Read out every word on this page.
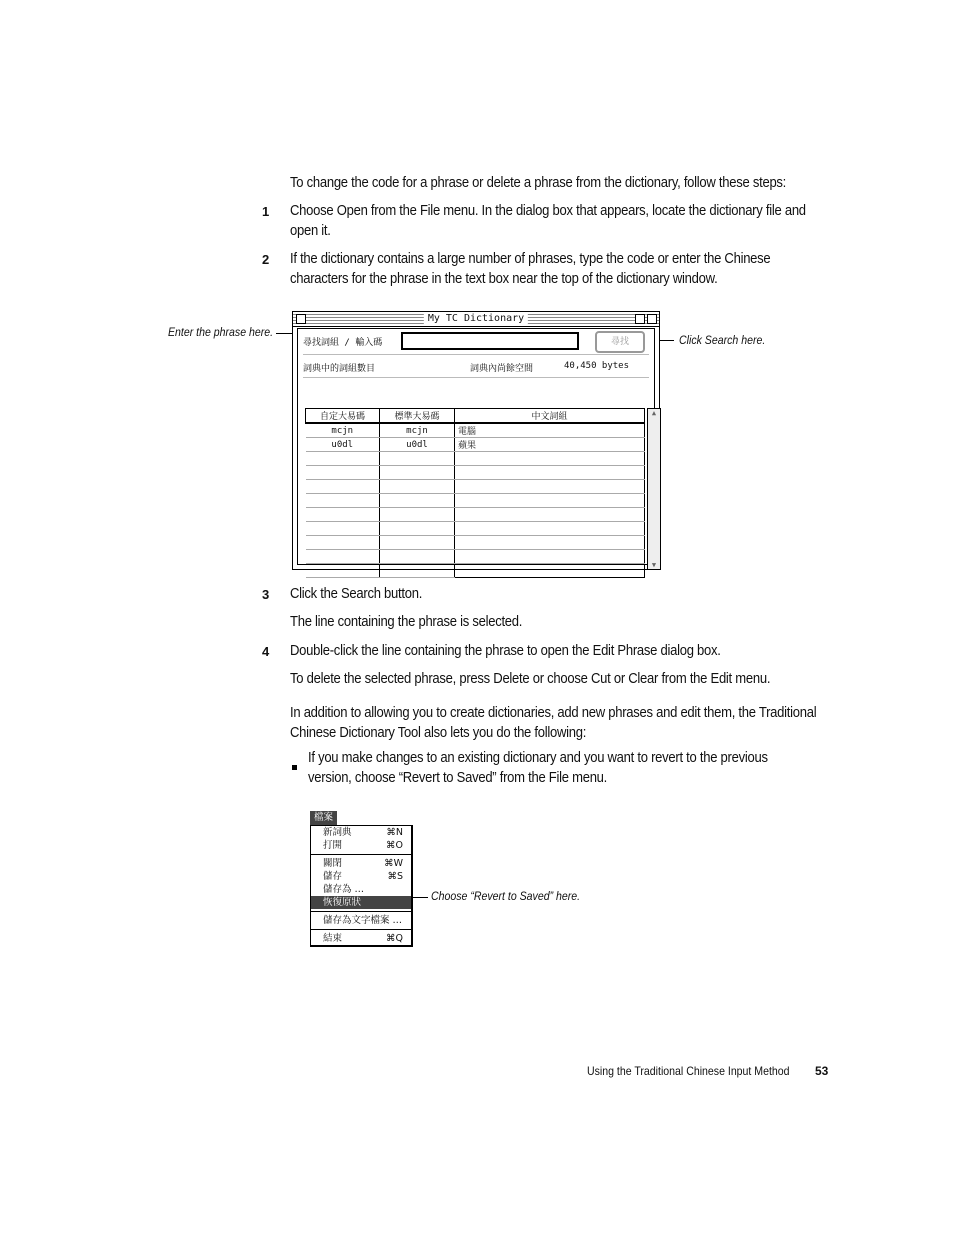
To change the code for a phrase or delete a phrase from the dictionary, follow these steps:
1 Choose Open from the File menu. In the dialog box that appears, locate the dictionary file and open it.
2 If the dictionary contains a large number of phrases, type the code or enter the Chinese characters for the phrase in the text box near the top of the dictionary window.
Enter the phrase here.
Click Search here.
My TC Dictionary
尋找詞組 / 輸入碼	尋找
詞典中的詞組數目	詞典內尚餘空間	40,450 bytes
自定大易碼	標準大易碼	中文詞組
mcjn	mcjn	電腦
u0dl	u0dl	蘋果

▲
▼
3 Click the Search button.
The line containing the phrase is selected.
4 Double-click the line containing the phrase to open the Edit Phrase dialog box.
To delete the selected phrase, press Delete or choose Cut or Clear from the Edit menu.
In addition to allowing you to create dictionaries, add new phrases and edit them, the Traditional Chinese Dictionary Tool also lets you do the following:
If you make changes to an existing dictionary and you want to revert to the previous version, choose “Revert to Saved” from the File menu.
檔案
新詞典	⌘N
打開	⌘O
關閉	⌘W
儲存	⌘S
儲存為 …
恢復原狀
儲存為文字檔案 …
結束	⌘Q
Choose “Revert to Saved” here.
Using the Traditional Chinese Input Method 53
